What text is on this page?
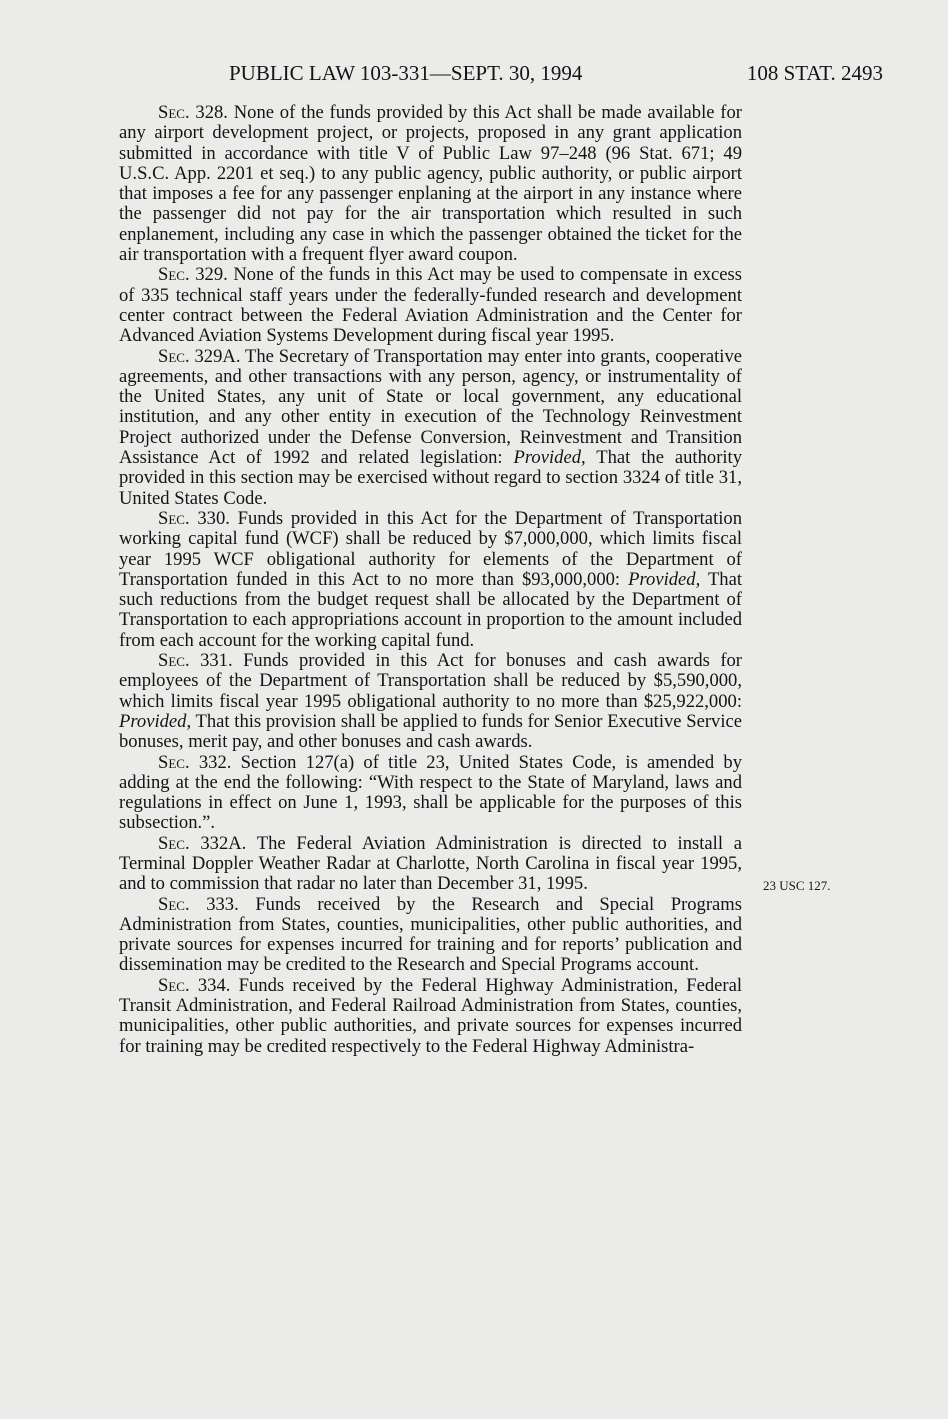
PUBLIC LAW 103-331—SEPT. 30, 1994	108 STAT. 2493

Sec. 328. None of the funds provided by this Act shall be made available for any airport development project, or projects, proposed in any grant application submitted in accordance with title V of Public Law 97–248 (96 Stat. 671; 49 U.S.C. App. 2201 et seq.) to any public agency, public authority, or public airport that imposes a fee for any passenger enplaning at the airport in any instance where the passenger did not pay for the air transportation which resulted in such enplanement, including any case in which the passenger obtained the ticket for the air transportation with a frequent flyer award coupon.

Sec. 329. None of the funds in this Act may be used to compensate in excess of 335 technical staff years under the federally-funded research and development center contract between the Federal Aviation Administration and the Center for Advanced Aviation Systems Development during fiscal year 1995.

Sec. 329A. The Secretary of Transportation may enter into grants, cooperative agreements, and other transactions with any person, agency, or instrumentality of the United States, any unit of State or local government, any educational institution, and any other entity in execution of the Technology Reinvestment Project authorized under the Defense Conversion, Reinvestment and Transition Assistance Act of 1992 and related legislation: Provided, That the authority provided in this section may be exercised without regard to section 3324 of title 31, United States Code.

Sec. 330. Funds provided in this Act for the Department of Transportation working capital fund (WCF) shall be reduced by $7,000,000, which limits fiscal year 1995 WCF obligational authority for elements of the Department of Transportation funded in this Act to no more than $93,000,000: Provided, That such reductions from the budget request shall be allocated by the Department of Transportation to each appropriations account in proportion to the amount included from each account for the working capital fund.

Sec. 331. Funds provided in this Act for bonuses and cash awards for employees of the Department of Transportation shall be reduced by $5,590,000, which limits fiscal year 1995 obligational authority to no more than $25,922,000: Provided, That this provision shall be applied to funds for Senior Executive Service bonuses, merit pay, and other bonuses and cash awards.

Sec. 332. Section 127(a) of title 23, United States Code, is amended by adding at the end the following: “With respect to the State of Maryland, laws and regulations in effect on June 1, 1993, shall be applicable for the purposes of this subsection.”.

Sec. 332A. The Federal Aviation Administration is directed to install a Terminal Doppler Weather Radar at Charlotte, North Carolina in fiscal year 1995, and to commission that radar no later than December 31, 1995.

Sec. 333. Funds received by the Research and Special Programs Administration from States, counties, municipalities, other public authorities, and private sources for expenses incurred for training and for reports’ publication and dissemination may be credited to the Research and Special Programs account.

Sec. 334. Funds received by the Federal Highway Administration, Federal Transit Administration, and Federal Railroad Administration from States, counties, municipalities, other public authorities, and private sources for expenses incurred for training may be credited respectively to the Federal Highway Administra-

23 USC 127.
